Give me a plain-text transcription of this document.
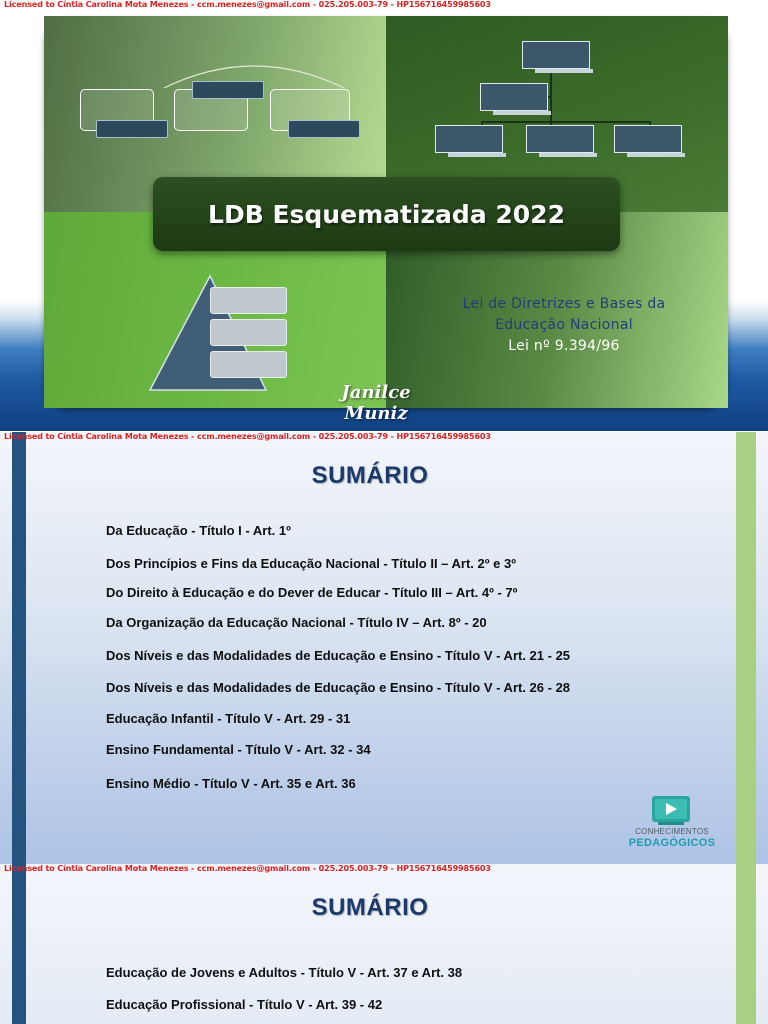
Licensed to Cíntia Carolina Mota Menezes - ccm.menezes@gmail.com - 025.205.003-79 - HP156716459985603
LDB Esquematizada 2022
Lei de Diretrizes e Bases da
Educação Nacional
Lei nº 9.394/96
Janilce Muniz
Licensed to Cíntia Carolina Mota Menezes - ccm.menezes@gmail.com - 025.205.003-79 - HP156716459985603
SUMÁRIO
Da Educação - Título I - Art. 1º
Dos Princípios e Fins da Educação Nacional - Título II – Art. 2º e 3º
Do Direito à Educação e do Dever de Educar - Título III – Art. 4º - 7º
Da Organização da Educação Nacional - Título IV – Art. 8º - 20
Dos Níveis e das Modalidades de Educação e Ensino - Título V - Art. 21 - 25
Dos Níveis e das Modalidades de Educação e Ensino - Título V - Art. 26 - 28
Educação Infantil - Título V - Art. 29 - 31
Ensino Fundamental - Título V - Art. 32 - 34
Ensino Médio - Título V - Art. 35 e Art. 36
CONHECIMENTOS
PEDAGÓGICOS
SUMÁRIO
Educação de Jovens e Adultos - Título V - Art. 37 e Art. 38
Educação Profissional - Título V - Art. 39 - 42
Licensed to Cíntia Carolina Mota Menezes - ccm.menezes@gmail.com - 025.205.003-79 - HP156716459985603
